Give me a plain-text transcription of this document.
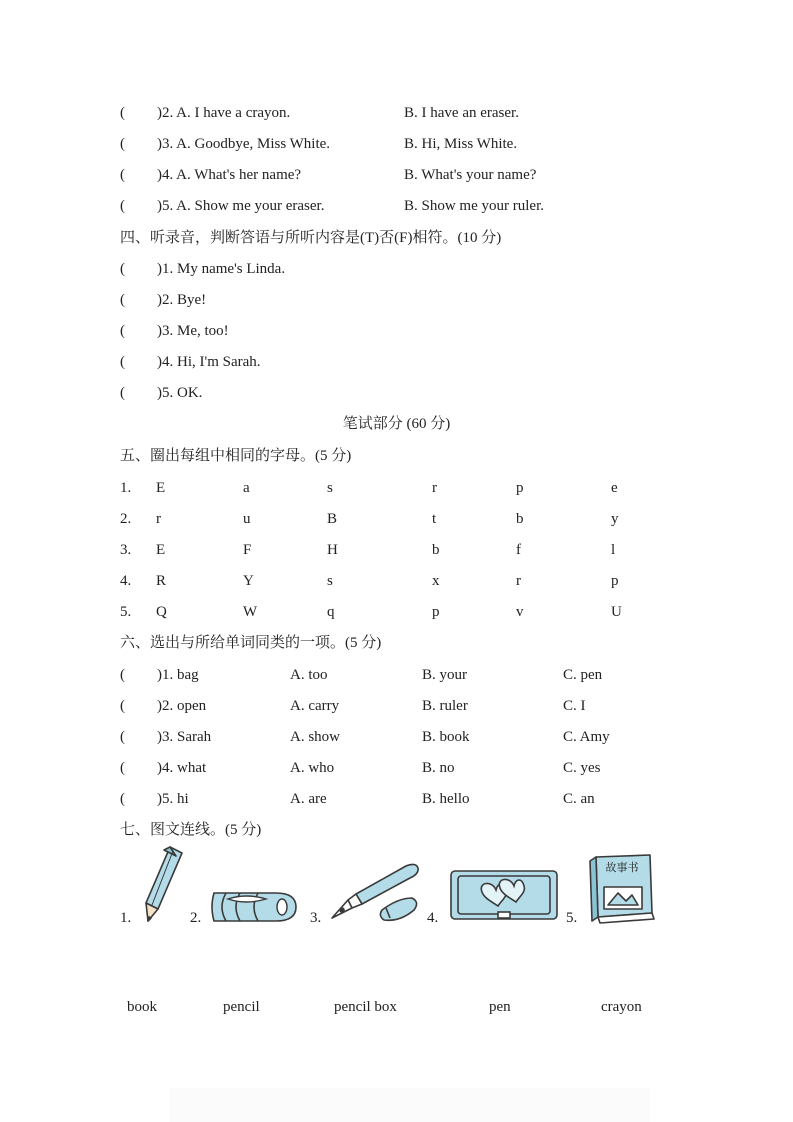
( )2. A. I have a crayon.	B. I have an eraser.
( )3. A. Goodbye, Miss White.	B. Hi, Miss White.
( )4. A. What's her name?	B. What's your name?
( )5. A. Show me your eraser.	B. Show me your ruler.
四、听录音，判断答语与所听内容是(T)否(F)相符。(10 分)
( )1. My name's Linda.
( )2. Bye!
( )3. Me, too!
( )4. Hi, I'm Sarah.
( )5. OK.
笔试部分 (60 分)
五、圈出每组中相同的字母。(5 分)
1. E	a	s	r	p	e
2. r	u	B	t	b	y
3. E	F	H	b	f	l
4. R	Y	s	x	r	p
5. Q	W	q	p	v	U
六、选出与所给单词同类的一项。(5 分)
( )1. bag	A. too	B. your	C. pen
( )2. open	A. carry	B. ruler	C. I
( )3. Sarah	A. show	B. book	C. Amy
( )4. what	A. who	B. no	C. yes
( )5. hi	A. are	B. hello	C. an
七、图文连线。(5 分)
1.	2.	3.	4.	5.
故事书
book	pencil	pencil box	pen	crayon
